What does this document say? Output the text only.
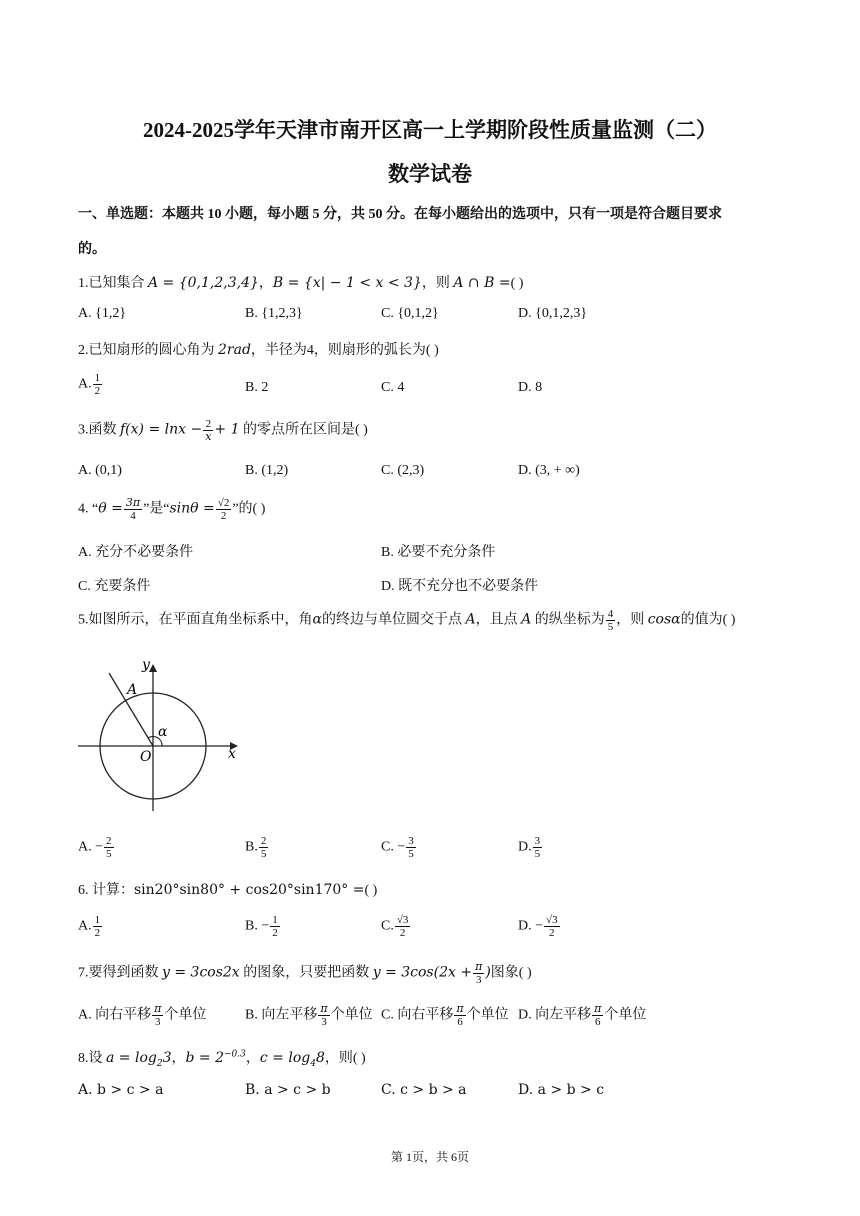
2024-2025学年天津市南开区高一上学期阶段性质量监测（二）
数学试卷
一、单选题：本题共 10 小题，每小题 5 分，共 50 分。在每小题给出的选项中，只有一项是符合题目要求
的。
1.已知集合 A = {0,1,2,3,4}，B = {x| − 1 < x < 3}，则 A ∩ B =( )
A. {1,2}	B. {1,2,3}	C. {0,1,2}	D. {0,1,2,3}
2.已知扇形的圆心角为 2rad，半径为4，则扇形的弧长为( )
A. $\frac{1}{2}$	B. 2	C. 4	D. 8
3.函数 $f(x) = \ln x - \frac{2}{x} + 1$ 的零点所在区间是( )
A. (0,1)	B. (1,2)	C. (2,3)	D. (3, + ∞)
4. “$\theta = \frac{3\pi}{4}$ ”是“$\sin\theta = \frac{√2}{2}$ ”的( )
A. 充分不必要条件	B. 必要不充分条件
C. 充要条件	D. 既不充分也不必要条件
5.如图所示，在平面直角坐标系中，角α的终边与单位圆交于点 A，且点 A 的纵坐标为 $\frac{4}{5}$ ，则 cosα的值为( )
y
x
O
A
α
A. − $\frac{2}{5}$	B. $\frac{2}{5}$	C. − $\frac{3}{5}$	D. $\frac{3}{5}$
6. 计算：sin20°sin80° + cos20°sin170° =( )
A. $\frac{1}{2}$	B. − $\frac{1}{2}$	C. $\frac{√3}{2}$	D. − $\frac{√3}{2}$
7.要得到函数 y = 3cos2x 的图象，只要把函数 $y = 3\cos(2x + \frac{\pi}{3}$ )图象( )
A. 向右平移 $\frac{\pi}{3}$ 个单位	B. 向左平移 $\frac{\pi}{3}$ 个单位 C. 向右平移 $\frac{\pi}{6}$ 个单位 D. 向左平移 $\frac{\pi}{6}$ 个单位
8.设 $a = \log_23$，$b = 2^{-0.3}$，$c = \log_48$，则( )
A. b > c > a	B. a > c > b	C. c > b > a	D. a > b > c
第 1页，共 6页
